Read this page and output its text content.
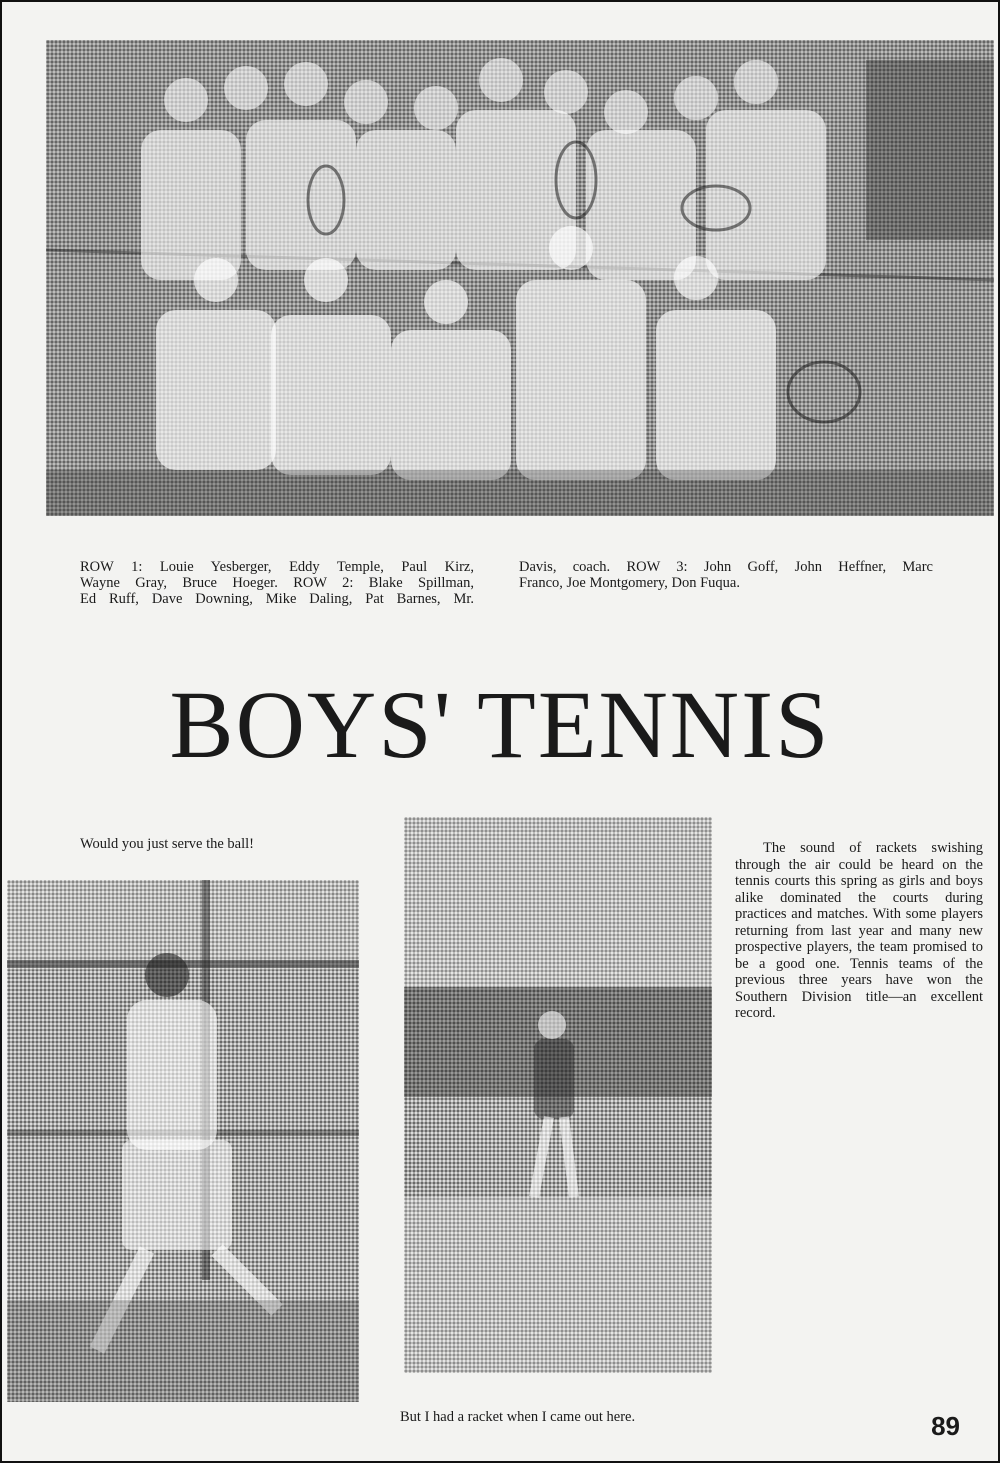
ROW 1: Louie Yesberger, Eddy Temple, Paul Kirz,
Wayne Gray, Bruce Hoeger. ROW 2: Blake Spillman,
Ed Ruff, Dave Downing, Mike Daling, Pat Barnes, Mr.
Davis, coach. ROW 3: John Goff, John Heffner, Marc
Franco, Joe Montgomery, Don Fuqua.
BOYS' TENNIS
Would you just serve the ball!	The sound of rackets swishing through the air could be heard on the tennis courts this spring as girls and boys alike dominated the courts during practices and matches. With some players returning from last year and many new prospective players, the team promised to be a good one. Tennis teams of the previous three years have won the Southern Division title—an excellent record.

But I had a racket when I came out here.	89
